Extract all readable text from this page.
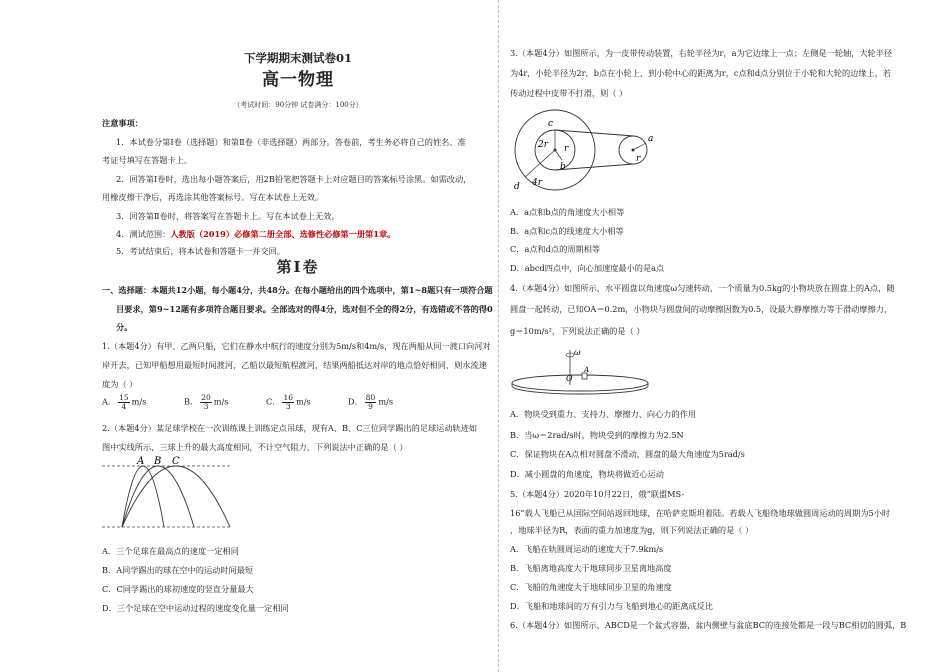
下学期期末测试卷01
高一物理
（考试时间：90分钟 试卷满分：100分）
注意事项：
1．本试卷分第Ⅰ卷（选择题）和第Ⅱ卷（非选择题）两部分。答卷前，考生务必将自己的姓名、准
考证号填写在答题卡上。
2．回答第Ⅰ卷时，选出每小题答案后，用2B铅笔把答题卡上对应题目的答案标号涂黑。如需改动，
用橡皮擦干净后，再选涂其他答案标号。写在本试卷上无效。
3．回答第Ⅱ卷时，将答案写在答题卡上。写在本试卷上无效。
4．测试范围：人教版（2019）必修第二册全部、选修性必修第一册第1章。
5．考试结束后，将本试卷和答题卡一并交回。
第Ⅰ卷
一、选择题：本题共12小题，每小题4分，共48分。在每小题给出的四个选项中，第1~8题只有一项符合题
目要求，第9~12题有多项符合题目要求。全部选对的得4分，选对但不全的得2分，有选错或不答的得0
分。
1.（本题4分）有甲、乙两只船，它们在静水中航行的速度分别为5m/s和4m/s，现在两船从同一渡口向河对
岸开去，已知甲船想用最短时间渡河，乙船以最短航程渡河，结果两船抵达对岸的地点恰好相同，则水流速
度为（ ）
A． $\frac{15}{4} m/s$	B． $\frac{20}{3} m/s$	C． $\frac{16}{3} m/s$	D． $\frac{80}{9} m/s$
2.（本题4分）某足球学校在一次训练课上训练定点吊球，现有A、B、C三位同学踢出的足球运动轨迹如
图中实线所示，三球上升的最大高度相同，不计空气阻力，下列说法中正确的是（ ）
A B C
A．三个足球在最高点的速度一定相同
B．A同学踢出的球在空中的运动时间最短
C．C同学踢出的球初速度的竖直分量最大
D．三个足球在空中运动过程的速度变化量一定相同
3.（本题4分）如图所示，为一皮带传动装置，右轮半径为r，a为它边缘上一点；左侧是一轮轴，大轮半径
为4r，小轮半径为2r，b点在小轮上，到小轮中心的距离为r，c点和d点分别位于小轮和大轮的边缘上，若
传动过程中皮带不打滑，则（ ）
c
2r r
b
a
r
d 4r
A．a点和b点的角速度大小相等
B．a点和c点的线速度大小相等
C．a点和d点的周期相等
D．abcd四点中，向心加速度最小的是a点
4.（本题4分）如图所示，水平圆盘以角速度ω匀速转动，一个质量为0.5kg的小物块放在圆盘上的A点，随
圆盘一起转动，已知OA＝0.2m，小物块与圆盘间的动摩擦因数为0.5，设最大静摩擦力等于滑动摩擦力，
g＝10m/s²，下列说法正确的是（ ）
ω
O
A
A．物块受到重力、支持力、摩擦力、向心力的作用
B．当ω＝2rad/s时，物块受到的摩擦力为2.5N
C．保证物块在A点相对圆盘不滑动，圆盘的最大角速度为5rad/s
D．减小圆盘的角速度，物块将做近心运动
5.（本题4分）2020年10月22日，俄“联盟MS-
16”载人飞船已从国际空间站返回地球，在哈萨克斯坦着陆。若载人飞船绕地球做圆周运动的周期为5小时
，地球半径为R，表面的重力加速度为g，则下列说法正确的是（ ）
A．飞船在轨圆周运动的速度大于7.9km/s
B．飞船离地高度大于地球同步卫星离地高度
C．飞船的角速度大于地球同步卫星的角速度
D．飞船和地球间的万有引力与飞船到地心的距离成反比
6.（本题4分）如图所示，ABCD是一个盆式容器，盆内侧壁与盆底BC的连接处都是一段与BC相切的圆弧，B
